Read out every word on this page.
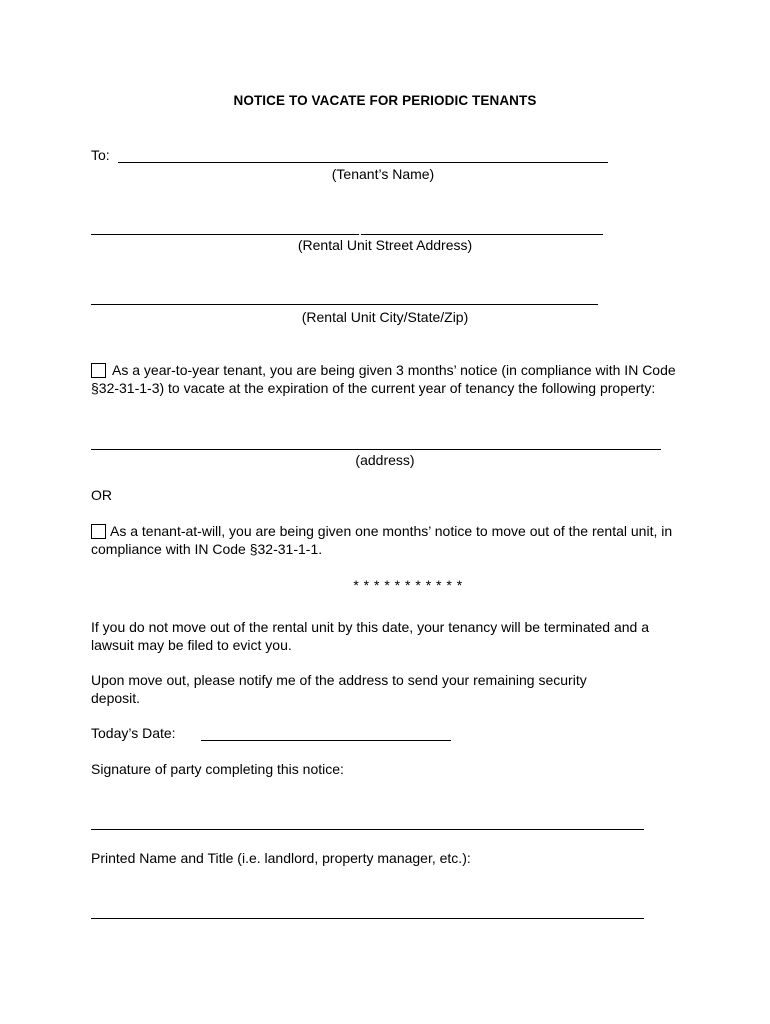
NOTICE TO VACATE FOR PERIODIC TENANTS
To:
(Tenant’s Name)
(Rental Unit Street Address)
(Rental Unit City/State/Zip)
As a year-to-year tenant, you are being given 3 months’ notice (in compliance with IN Code §32-31-1-3) to vacate at the expiration of the current year of tenancy the following property:
(address)
OR
As a tenant-at-will, you are being given one months’ notice to move out of the rental unit, in compliance with IN Code §32-31-1-1.
* * * * * * * * * * *
If you do not move out of the rental unit by this date, your tenancy will be terminated and a lawsuit may be filed to evict you.
Upon move out, please notify me of the address to send your remaining security deposit.
Today’s Date:
Signature of party completing this notice:
Printed Name and Title (i.e. landlord, property manager, etc.):
